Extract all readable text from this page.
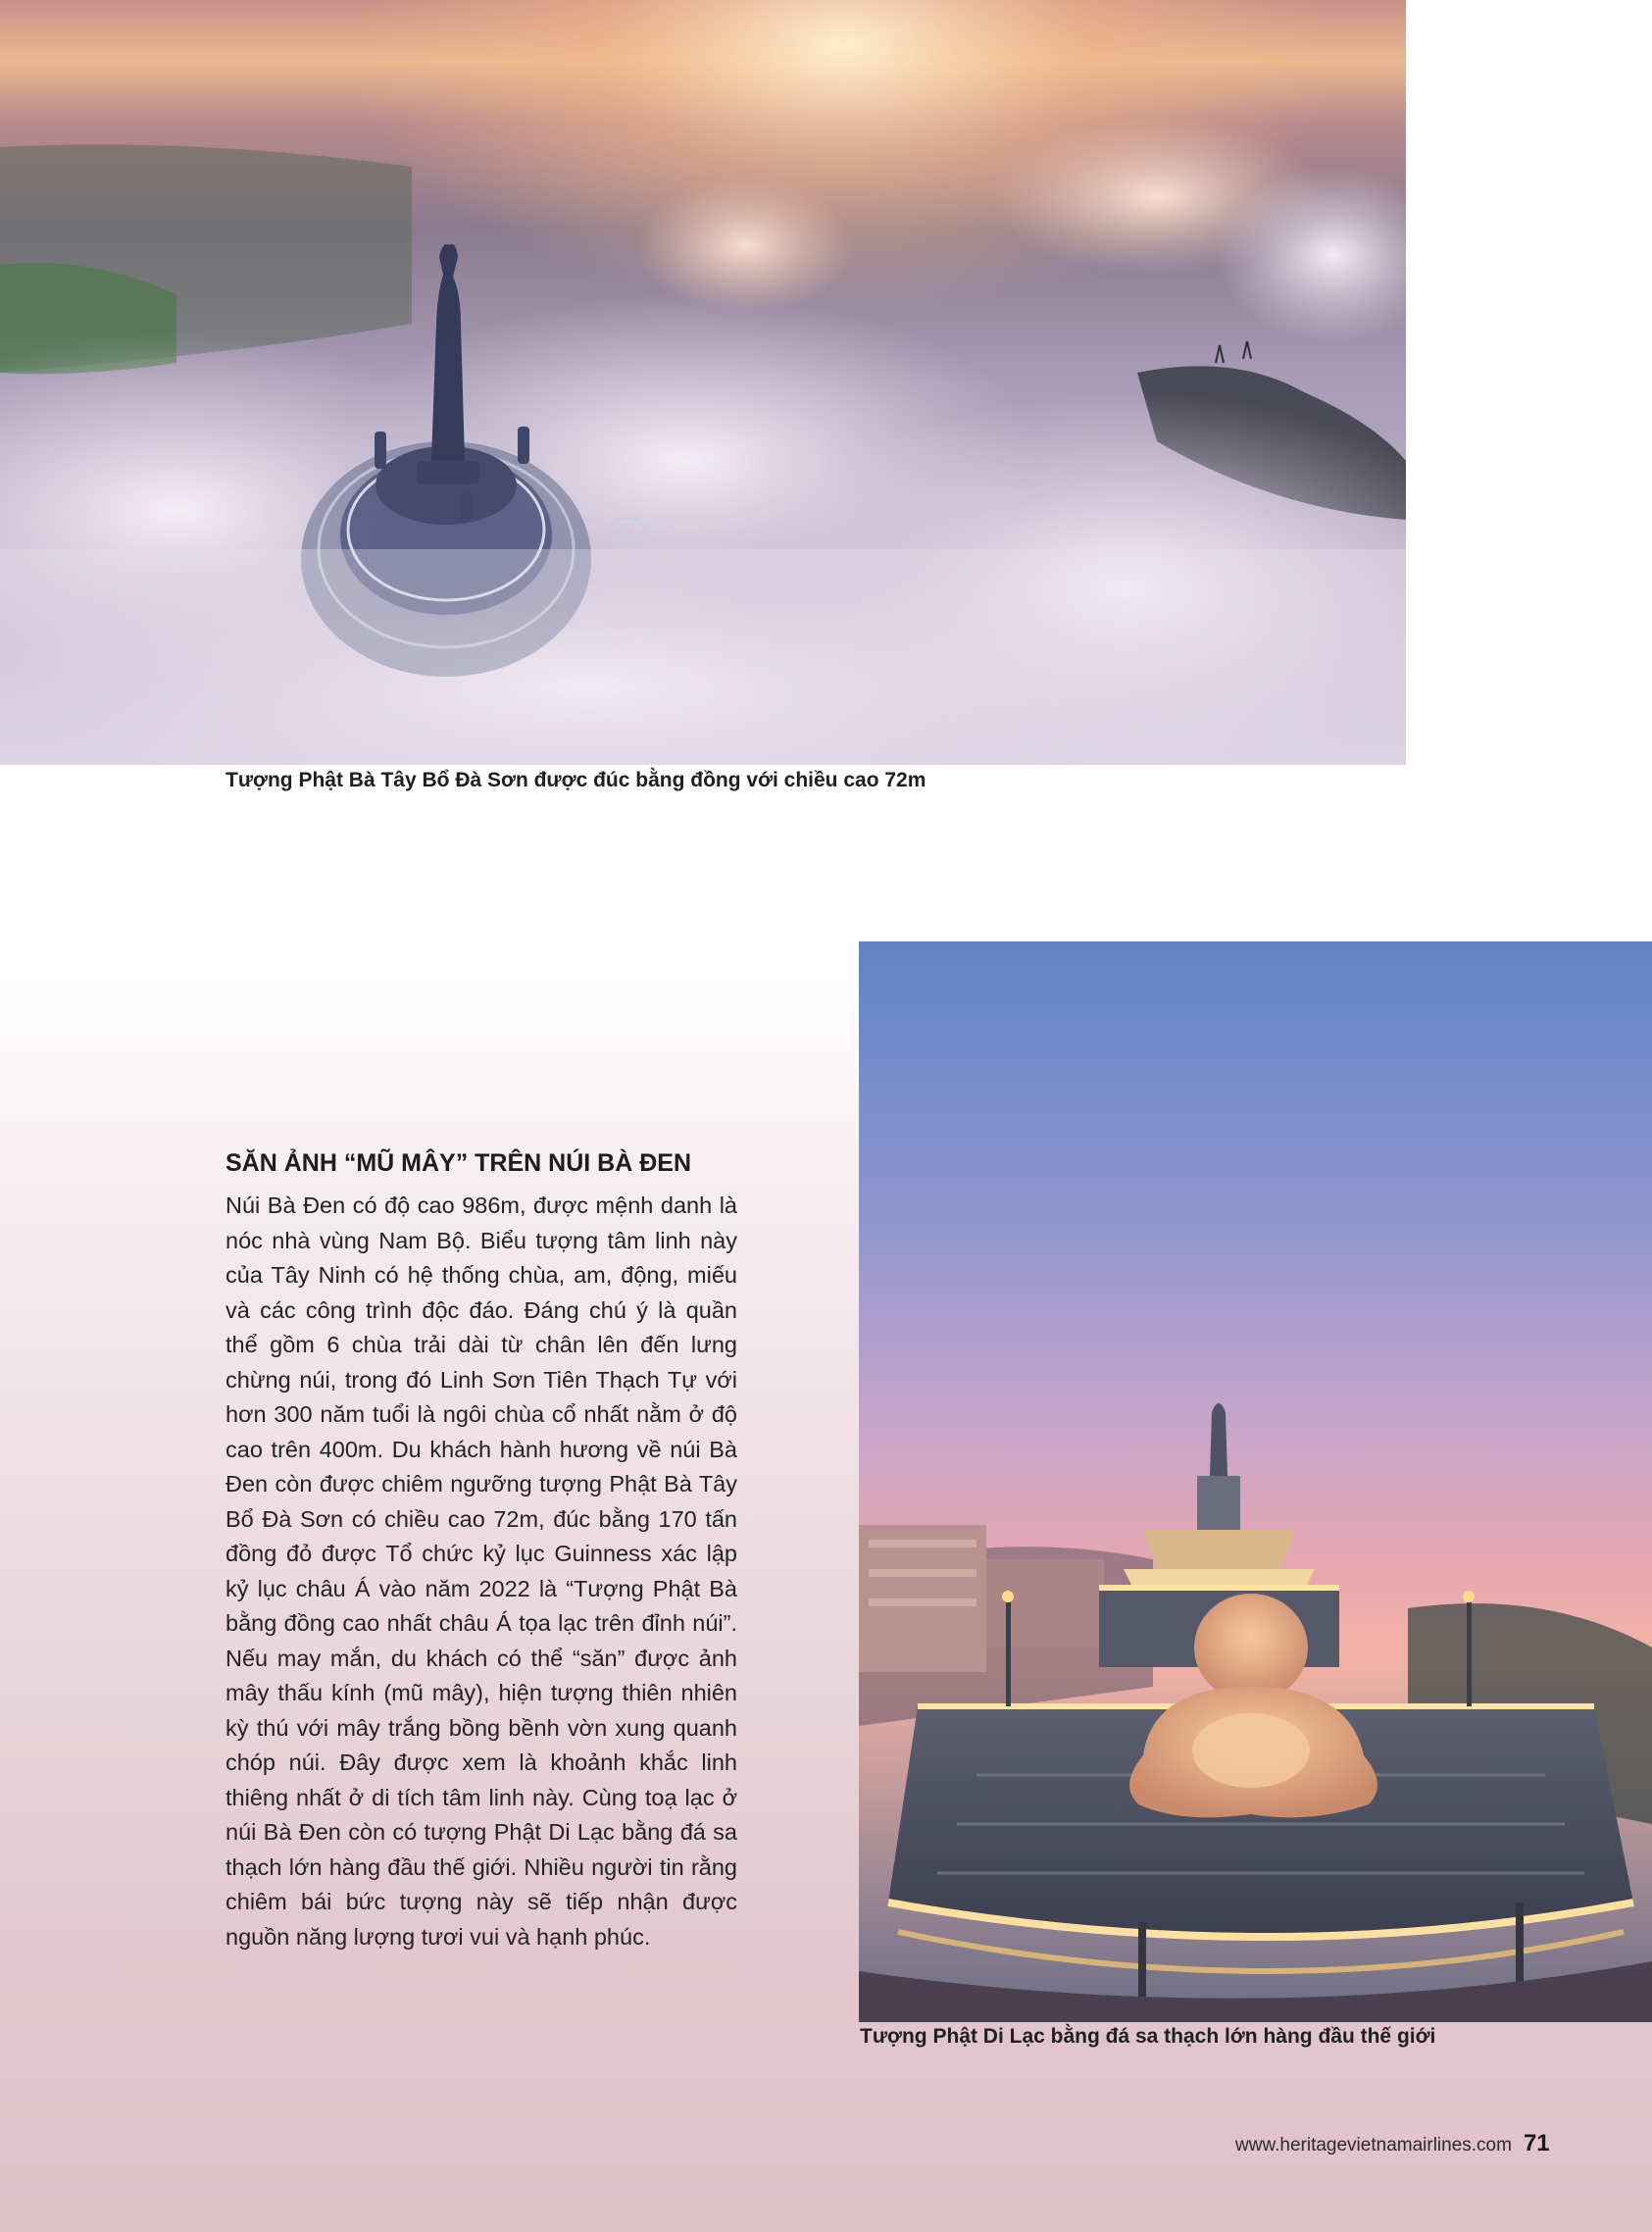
Tượng Phật Bà Tây Bổ Đà Sơn được đúc bằng đồng với chiều cao 72m
SĂN ẢNH “MŨ MÂY” TRÊN NÚI BÀ ĐEN

Núi Bà Đen có độ cao 986m, được mệnh danh là nóc nhà vùng Nam Bộ. Biểu tượng tâm linh này của Tây Ninh có hệ thống chùa, am, động, miếu và các công trình độc đáo. Đáng chú ý là quần thể gồm 6 chùa trải dài từ chân lên đến lưng chừng núi, trong đó Linh Sơn Tiên Thạch Tự với hơn 300 năm tuổi là ngôi chùa cổ nhất nằm ở độ cao trên 400m. Du khách hành hương về núi Bà Đen còn được chiêm ngưỡng tượng Phật Bà Tây Bổ Đà Sơn có chiều cao 72m, đúc bằng 170 tấn đồng đỏ được Tổ chức kỷ lục Guinness xác lập kỷ lục châu Á vào năm 2022 là “Tượng Phật Bà bằng đồng cao nhất châu Á tọa lạc trên đỉnh núi”. Nếu may mắn, du khách có thể “săn” được ảnh mây thấu kính (mũ mây), hiện tượng thiên nhiên kỳ thú với mây trắng bồng bềnh vờn xung quanh chóp núi. Đây được xem là khoảnh khắc linh thiêng nhất ở di tích tâm linh này. Cùng toạ lạc ở núi Bà Đen còn có tượng Phật Di Lạc bằng đá sa thạch lớn hàng đầu thế giới. Nhiều người tin rằng chiêm bái bức tượng này sẽ tiếp nhận được nguồn năng lượng tươi vui và hạnh phúc.

Tượng Phật Di Lạc bằng đá sa thạch lớn hàng đầu thế giới
www.heritagevietnamairlines.com 71
